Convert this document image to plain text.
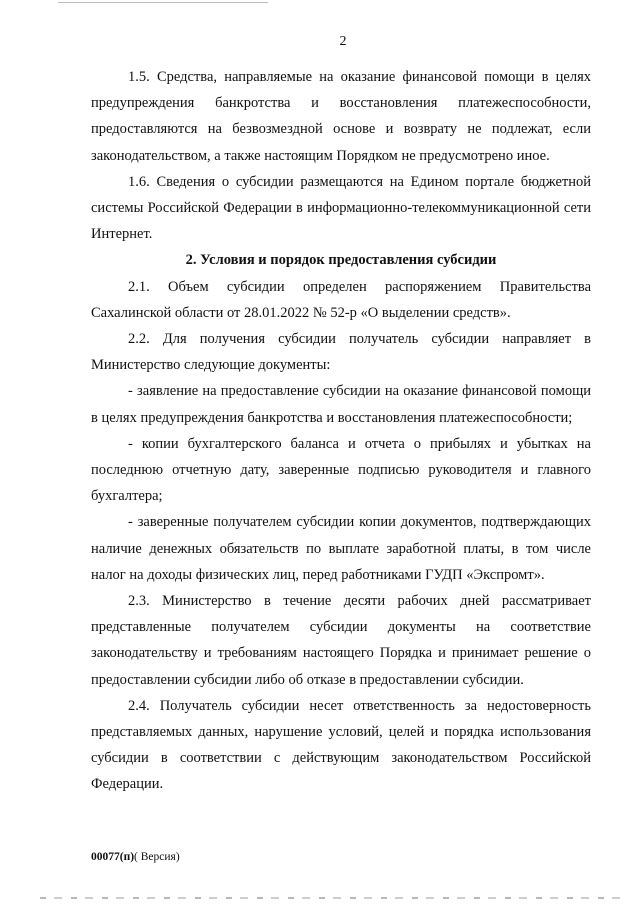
2

1.5. Средства, направляемые на оказание финансовой помощи в целях предупреждения банкротства и восстановления платежеспособности, предоставляются на безвозмездной основе и возврату не подлежат, если законодательством, а также настоящим Порядком не предусмотрено иное.

1.6. Сведения о субсидии размещаются на Едином портале бюджетной системы Российской Федерации в информационно-телекоммуникационной сети Интернет.

2. Условия и порядок предоставления субсидии

2.1. Объем субсидии определен распоряжением Правительства Сахалинской области от 28.01.2022 № 52-р «О выделении средств».

2.2. Для получения субсидии получатель субсидии направляет в Министерство следующие документы:

- заявление на предоставление субсидии на оказание финансовой помощи в целях предупреждения банкротства и восстановления платежеспособности;

- копии бухгалтерского баланса и отчета о прибылях и убытках на последнюю отчетную дату, заверенные подписью руководителя и главного бухгалтера;

- заверенные получателем субсидии копии документов, подтверждающих наличие денежных обязательств по выплате заработной платы, в том числе налог на доходы физических лиц, перед работниками ГУДП «Экспромт».

2.3. Министерство в течение десяти рабочих дней рассматривает представленные получателем субсидии документы на соответствие законодательству и требованиям настоящего Порядка и принимает решение о предоставлении субсидии либо об отказе в предоставлении субсидии.

2.4. Получатель субсидии несет ответственность за недостоверность представляемых данных, нарушение условий, целей и порядка использования субсидии в соответствии с действующим законодательством Российской Федерации.

00077(п)( Версия)
